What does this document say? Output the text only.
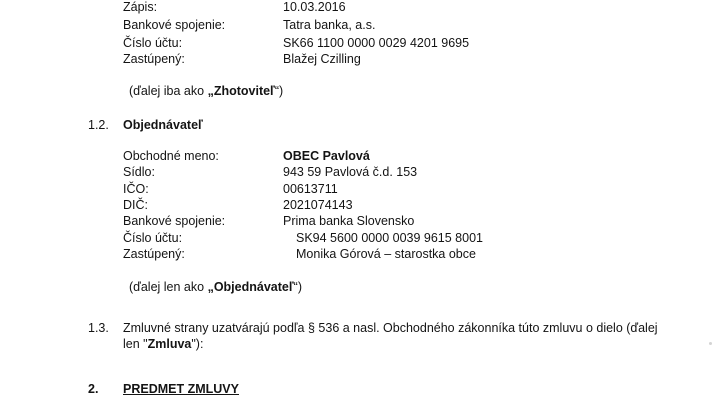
Zápis:	10.03.2016
Bankové spojenie:	Tatra banka, a.s.
Číslo účtu:	SK66 1100 0000 0029 4201 9695
Zastúpený:	Blažej Czilling
(ďalej iba ako „Zhotoviteľ“)
1.2. Objednávateľ
Obchodné meno:	OBEC Pavlová
Sídlo:	943 59 Pavlová č.d. 153
IČO:	00613711
DIČ:	2021074143
Bankové spojenie:	Prima banka Slovensko
Číslo účtu:	SK94 5600 0000 0039 9615 8001
Zastúpený:	Monika Górová – starostka obce
(ďalej len ako „Objednávateľ“)
1.3. Zmluvné strany uzatvárajú podľa § 536 a nasl. Obchodného zákonníka túto zmluvu o dielo (ďalej
len "Zmluva"):
2. PREDMET ZMLUVY
